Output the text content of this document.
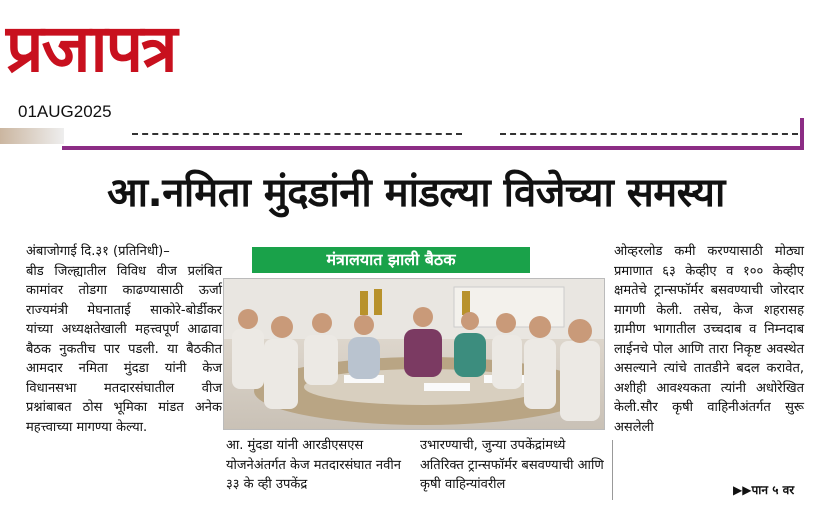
प्रजापत्र
01AUG2025
आ.नमिता मुंदडांनी मांडल्या विजेच्या समस्या
अंबाजोगाई दि.३१ (प्रतिनिधी)–
बीड जिल्ह्यातील विविध वीज प्रलंबित कामांवर तोडगा काढण्यासाठी ऊर्जा राज्यमंत्री मेघनाताई साकोरे-बोर्डीकर यांच्या अध्यक्षतेखाली महत्त्वपूर्ण आढावा बैठक नुकतीच पार पडली. या बैठकीत आमदार नमिता मुंदडा यांनी केज विधानसभा मतदारसंघातील वीज प्रश्नांबाबत ठोस भूमिका मांडत अनेक महत्त्वाच्या मागण्या केल्या.
मंत्रालयात झाली बैठक
आ. मुंदडा यांनी आरडीएसएस योजनेअंतर्गत केज मतदारसंघात नवीन ३३ के व्ही उपकेंद्र
उभारण्याची, जुन्या उपकेंद्रांमध्ये अतिरिक्त ट्रान्सफॉर्मर बसवण्याची आणि कृषी वाहिन्यांवरील
ओव्हरलोड कमी करण्यासाठी मोठ्या प्रमाणात ६३ केव्हीए व १०० केव्हीए क्षमतेचे ट्रान्सफॉर्मर बसवण्याची जोरदार मागणी केली. तसेच, केज शहरासह ग्रामीण भागातील उच्चदाब व निम्नदाब लाईनचे पोल आणि तारा निकृष्ट अवस्थेत असल्याने त्यांचे तातडीने बदल करावेत, अशीही आवश्यकता त्यांनी अधोरेखित केली.सौर कृषी वाहिनीअंतर्गत सुरू असलेली
▶▶पान ५ वर
